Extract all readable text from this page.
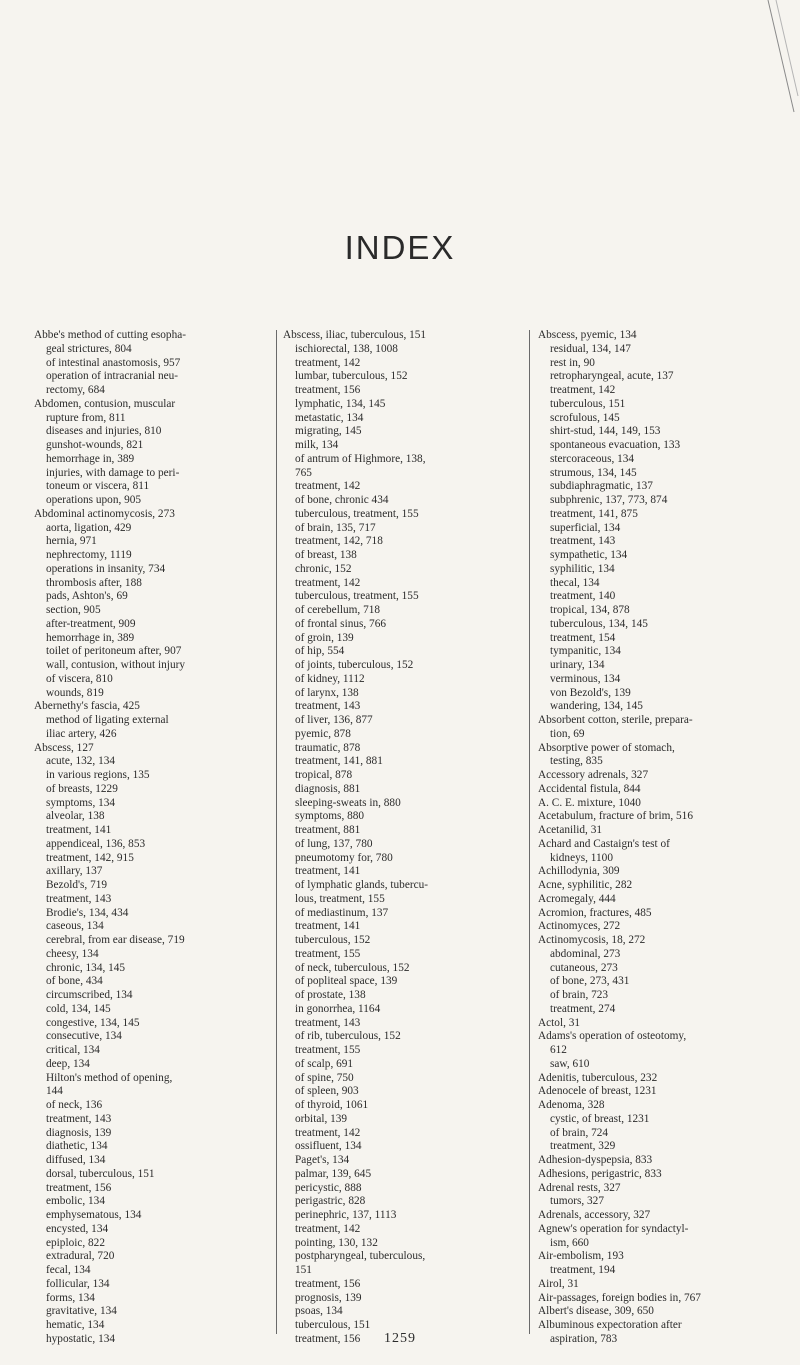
INDEX
Abbe's method of cutting esopha-
geal strictures, 804
of intestinal anastomosis, 957
operation of intracranial neu-
rectomy, 684
Abdomen, contusion, muscular
rupture from, 811
diseases and injuries, 810
gunshot-wounds, 821
hemorrhage in, 389
injuries, with damage to peri-
toneum or viscera, 811
operations upon, 905
Abdominal actinomycosis, 273
aorta, ligation, 429
hernia, 971
nephrectomy, 1119
operations in insanity, 734
thrombosis after, 188
pads, Ashton's, 69
section, 905
after-treatment, 909
hemorrhage in, 389
toilet of peritoneum after, 907
wall, contusion, without injury
of viscera, 810
wounds, 819
Abernethy's fascia, 425
method of ligating external
iliac artery, 426
Abscess, 127
acute, 132, 134
in various regions, 135
of breasts, 1229
symptoms, 134
alveolar, 138
treatment, 141
appendiceal, 136, 853
treatment, 142, 915
axillary, 137
Bezold's, 719
treatment, 143
Brodie's, 134, 434
caseous, 134
cerebral, from ear disease, 719
cheesy, 134
chronic, 134, 145
of bone, 434
circumscribed, 134
cold, 134, 145
congestive, 134, 145
consecutive, 134
critical, 134
deep, 134
Hilton's method of opening,
144
of neck, 136
treatment, 143
diagnosis, 139
diathetic, 134
diffused, 134
dorsal, tuberculous, 151
treatment, 156
embolic, 134
emphysematous, 134
encysted, 134
epiploic, 822
extradural, 720
fecal, 134
follicular, 134
forms, 134
gravitative, 134
hematic, 134
hypostatic, 134
Abscess, iliac, tuberculous, 151
ischiorectal, 138, 1008
treatment, 142
lumbar, tuberculous, 152
treatment, 156
lymphatic, 134, 145
metastatic, 134
migrating, 145
milk, 134
of antrum of Highmore, 138,
765
treatment, 142
of bone, chronic 434
tuberculous, treatment, 155
of brain, 135, 717
treatment, 142, 718
of breast, 138
chronic, 152
treatment, 142
tuberculous, treatment, 155
of cerebellum, 718
of frontal sinus, 766
of groin, 139
of hip, 554
of joints, tuberculous, 152
of kidney, 1112
of larynx, 138
treatment, 143
of liver, 136, 877
pyemic, 878
traumatic, 878
treatment, 141, 881
tropical, 878
diagnosis, 881
sleeping-sweats in, 880
symptoms, 880
treatment, 881
of lung, 137, 780
pneumotomy for, 780
treatment, 141
of lymphatic glands, tubercu-
lous, treatment, 155
of mediastinum, 137
treatment, 141
tuberculous, 152
treatment, 155
of neck, tuberculous, 152
of popliteal space, 139
of prostate, 138
in gonorrhea, 1164
treatment, 143
of rib, tuberculous, 152
treatment, 155
of scalp, 691
of spine, 750
of spleen, 903
of thyroid, 1061
orbital, 139
treatment, 142
ossifluent, 134
Paget's, 134
palmar, 139, 645
pericystic, 888
perigastric, 828
perinephric, 137, 1113
treatment, 142
pointing, 130, 132
postpharyngeal, tuberculous,
151
treatment, 156
prognosis, 139
psoas, 134
tuberculous, 151
treatment, 156
Abscess, pyemic, 134
residual, 134, 147
rest in, 90
retropharyngeal, acute, 137
treatment, 142
tuberculous, 151
scrofulous, 145
shirt-stud, 144, 149, 153
spontaneous evacuation, 133
stercoraceous, 134
strumous, 134, 145
subdiaphragmatic, 137
subphrenic, 137, 773, 874
treatment, 141, 875
superficial, 134
treatment, 143
sympathetic, 134
syphilitic, 134
thecal, 134
treatment, 140
tropical, 134, 878
tuberculous, 134, 145
treatment, 154
tympanitic, 134
urinary, 134
verminous, 134
von Bezold's, 139
wandering, 134, 145
Absorbent cotton, sterile, prepara-
tion, 69
Absorptive power of stomach,
testing, 835
Accessory adrenals, 327
Accidental fistula, 844
A. C. E. mixture, 1040
Acetabulum, fracture of brim, 516
Acetanilid, 31
Achard and Castaign's test of
kidneys, 1100
Achillodynia, 309
Acne, syphilitic, 282
Acromegaly, 444
Acromion, fractures, 485
Actinomyces, 272
Actinomycosis, 18, 272
abdominal, 273
cutaneous, 273
of bone, 273, 431
of brain, 723
treatment, 274
Actol, 31
Adams's operation of osteotomy,
612
saw, 610
Adenitis, tuberculous, 232
Adenocele of breast, 1231
Adenoma, 328
cystic, of breast, 1231
of brain, 724
treatment, 329
Adhesion-dyspepsia, 833
Adhesions, perigastric, 833
Adrenal rests, 327
tumors, 327
Adrenals, accessory, 327
Agnew's operation for syndactyl-
ism, 660
Air-embolism, 193
treatment, 194
Airol, 31
Air-passages, foreign bodies in, 767
Albert's disease, 309, 650
Albuminous expectoration after
aspiration, 783
1259
